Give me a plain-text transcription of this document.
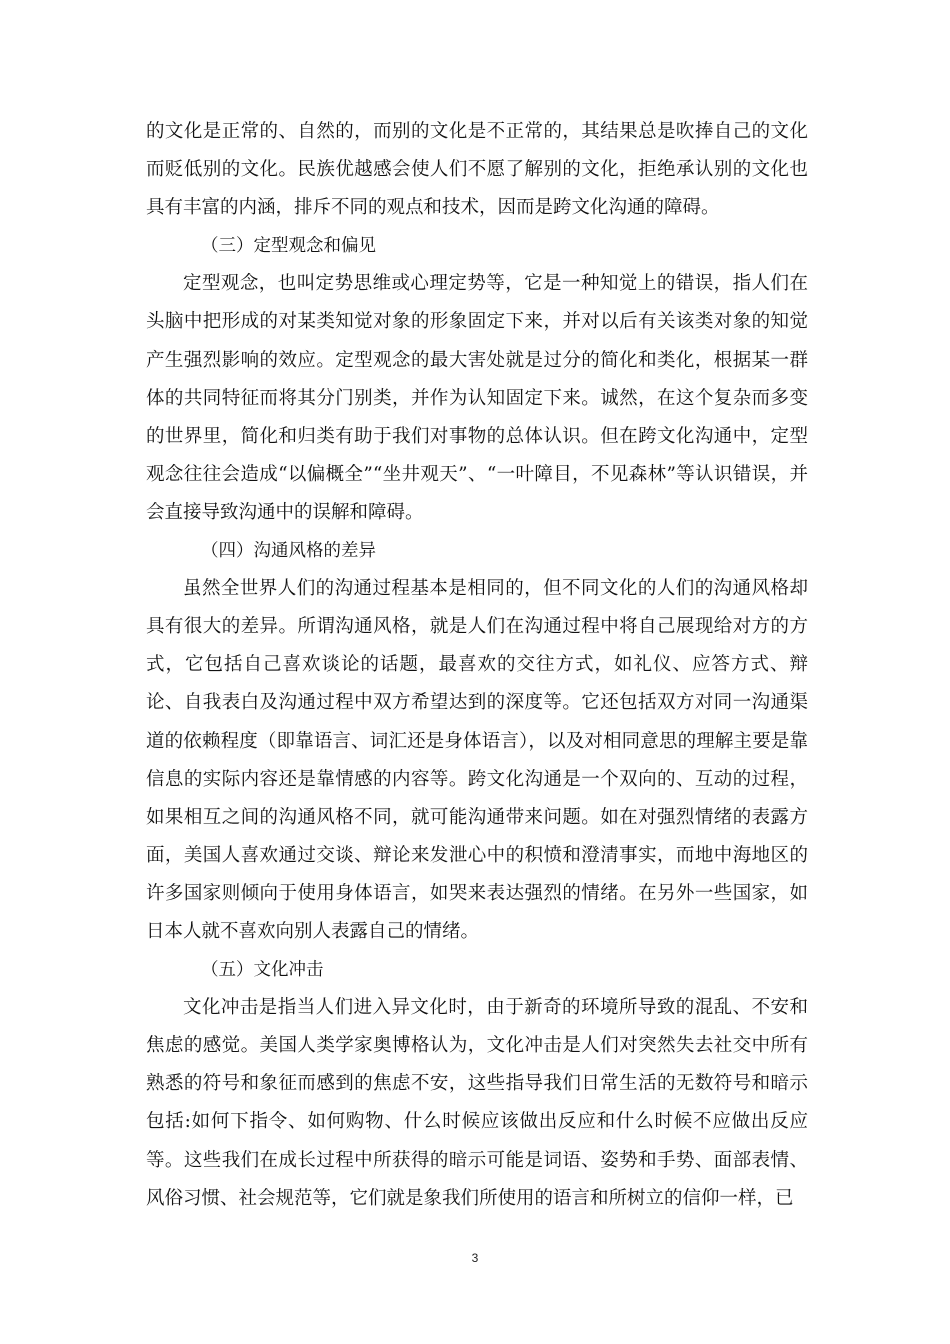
的文化是正常的、自然的，而别的文化是不正常的，其结果总是吹捧自己的文化而贬低别的文化。民族优越感会使人们不愿了解别的文化，拒绝承认别的文化也具有丰富的内涵，排斥不同的观点和技术，因而是跨文化沟通的障碍。

（三）定型观念和偏见

定型观念，也叫定势思维或心理定势等，它是一种知觉上的错误，指人们在头脑中把形成的对某类知觉对象的形象固定下来，并对以后有关该类对象的知觉产生强烈影响的效应。定型观念的最大害处就是过分的简化和类化，根据某一群体的共同特征而将其分门别类，并作为认知固定下来。诚然，在这个复杂而多变的世界里，简化和归类有助于我们对事物的总体认识。但在跨文化沟通中，定型观念往往会造成“以偏概全”“坐井观天”、“一叶障目，不见森林”等认识错误，并会直接导致沟通中的误解和障碍。

（四）沟通风格的差异

虽然全世界人们的沟通过程基本是相同的，但不同文化的人们的沟通风格却具有很大的差异。所谓沟通风格，就是人们在沟通过程中将自己展现给对方的方式，它包括自己喜欢谈论的话题，最喜欢的交往方式，如礼仪、应答方式、辩论、自我表白及沟通过程中双方希望达到的深度等。它还包括双方对同一沟通渠道的依赖程度（即靠语言、词汇还是身体语言），以及对相同意思的理解主要是靠信息的实际内容还是靠情感的内容等。跨文化沟通是一个双向的、互动的过程，如果相互之间的沟通风格不同，就可能沟通带来问题。如在对强烈情绪的表露方面，美国人喜欢通过交谈、辩论来发泄心中的积愤和澄清事实，而地中海地区的许多国家则倾向于使用身体语言，如哭来表达强烈的情绪。在另外一些国家，如日本人就不喜欢向别人表露自己的情绪。

（五）文化冲击

文化冲击是指当人们进入异文化时，由于新奇的环境所导致的混乱、不安和焦虑的感觉。美国人类学家奥博格认为，文化冲击是人们对突然失去社交中所有熟悉的符号和象征而感到的焦虑不安，这些指导我们日常生活的无数符号和暗示包括:如何下指令、如何购物、什么时候应该做出反应和什么时候不应做出反应等。这些我们在成长过程中所获得的暗示可能是词语、姿势和手势、面部表情、风俗习惯、社会规范等，它们就是象我们所使用的语言和所树立的信仰一样，已

3
